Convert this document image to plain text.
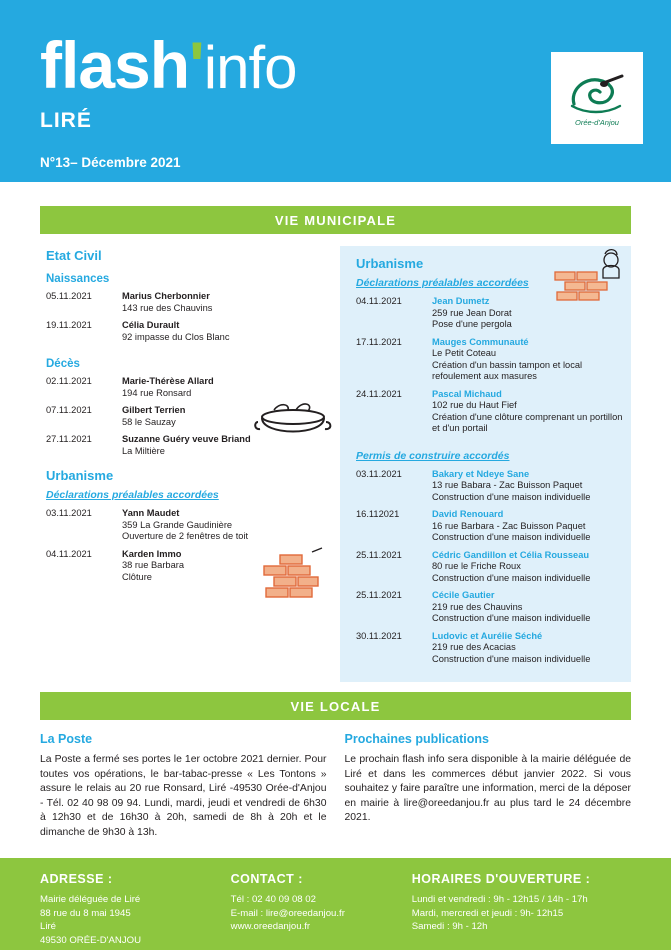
flash'info
LIRÉ
N°13– Décembre 2021
Orée-d'Anjou
VIE MUNICIPALE
Etat Civil
Naissances
05.11.2021	Marius Cherbonnier
143 rue des Chauvins

19.11.2021	Célia Durault
92 impasse du Clos Blanc
Décès
02.11.2021	Marie-Thérèse Allard
194 rue Ronsard

07.11.2021	Gilbert Terrien
58 le Sauzay

27.11.2021	Suzanne Guéry veuve Briand
La Miltière
Urbanisme
Déclarations préalables accordées
03.11.2021	Yann Maudet
359 La Grande Gaudinière
Ouverture de 2 fenêtres de toit

04.11.2021	Karden Immo
38 rue Barbara
Clôture
Urbanisme
Déclarations préalables accordées
04.11.2021	Jean Dumetz
259 rue Jean Dorat
Pose d'une pergola

17.11.2021	Mauges Communauté
Le Petit Coteau
Création d'un bassin tampon et local refoulement aux masures

24.11.2021	Pascal Michaud
102 rue du Haut Fief
Création d'une clôture comprenant un portillon et d'un portail
Permis de construire accordés
03.11.2021	Bakary et Ndeye Sane
13 rue Babara - Zac Buisson Paquet
Construction d'une maison individuelle

16.112021	David Renouard
16 rue Barbara - Zac Buisson Paquet
Construction d'une maison individuelle

25.11.2021	Cédric Gandillon et Célia Rousseau
80 rue le Friche Roux
Construction d'une maison individuelle

25.11.2021	Cécile Gautier
219 rue des Chauvins
Construction d'une maison individuelle

30.11.2021	Ludovic et Aurélie Séché
219 rue des Acacias
Construction d'une maison individuelle
VIE LOCALE
La Poste

La Poste a fermé ses portes le 1er octobre 2021 dernier. Pour toutes vos opérations, le bar-tabac-presse « Les Tontons » assure le relais au 20 rue Ronsard, Liré -49530 Orée-d'Anjou - Tél. 02 40 98 09 94. Lundi, mardi, jeudi et vendredi de 6h30 à 12h30 et de 16h30 à 20h, samedi de 8h à 20h et le dimanche de 9h30 à 13h.

Prochaines publications

Le prochain flash info sera disponible à la mairie déléguée de Liré et dans les commerces début janvier 2022. Si vous souhaitez y faire paraître une information, merci de la déposer en mairie à lire@oreedanjou.fr au plus tard le 24 décembre 2021.

ADRESSE :
Mairie déléguée de Liré
88 rue du 8 mai 1945
Liré
49530 ORÉE-D'ANJOU
CONTACT :
Tél : 02 40 09 08 02
E-mail : lire@oreedanjou.fr
www.oreedanjou.fr
HORAIRES D'OUVERTURE :
Lundi et vendredi : 9h - 12h15 / 14h - 17h
Mardi, mercredi et jeudi : 9h- 12h15
Samedi : 9h - 12h
